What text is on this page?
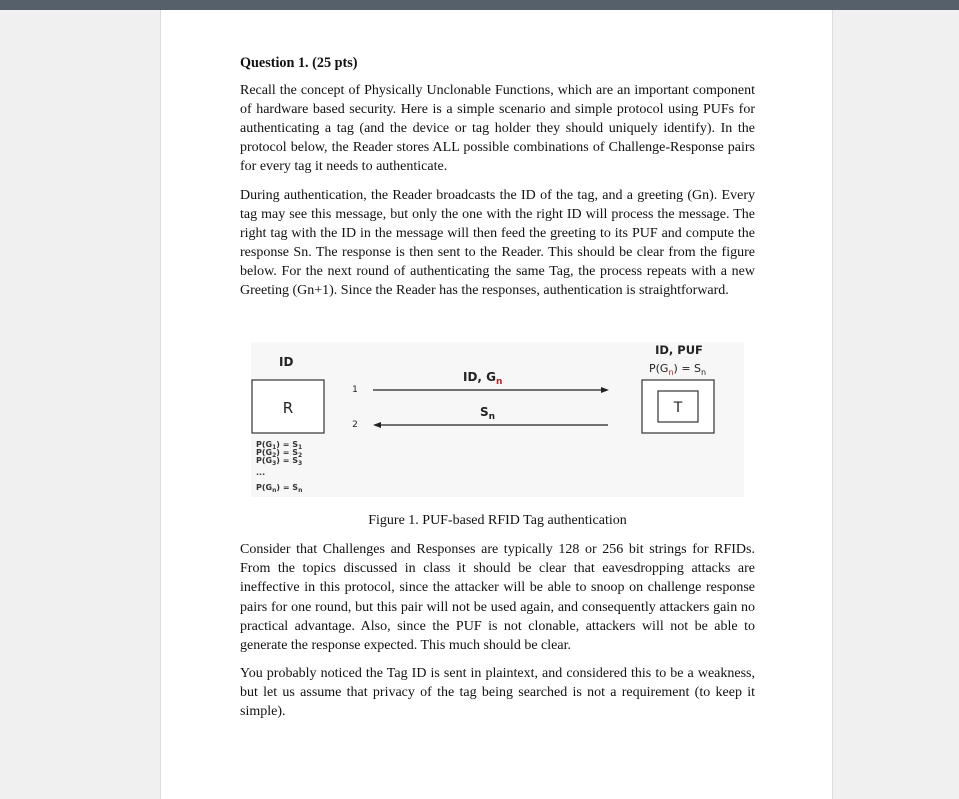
Question 1. (25 pts)

Recall the concept of Physically Unclonable Functions, which are an important component of hardware based security. Here is a simple scenario and simple protocol using PUFs for authenticating a tag (and the device or tag holder they should uniquely identify). In the protocol below, the Reader stores ALL possible combinations of Challenge-Response pairs for every tag it needs to authenticate.

During authentication, the Reader broadcasts the ID of the tag, and a greeting (Gn). Every tag may see this message, but only the one with the right ID will process the message. The right tag with the ID in the message will then feed the greeting to its PUF and compute the response Sn. The response is then sent to the Reader. This should be clear from the figure below. For the next round of authenticating the same Tag, the process repeats with a new Greeting (Gn+1). Since the Reader has the responses, authentication is straightforward.

ID
R
1
2
ID, $G_n$
$S_n$
ID, PUF
$P(G_n) = S_n$
T
$P(G_1) = S_1$
$P(G_2) = S_2$
$P(G_3) = S_3$
...
$P(G_n) = S_n$

Figure 1. PUF-based RFID Tag authentication

Consider that Challenges and Responses are typically 128 or 256 bit strings for RFIDs. From the topics discussed in class it should be clear that eavesdropping attacks are ineffective in this protocol, since the attacker will be able to snoop on challenge response pairs for one round, but this pair will not be used again, and consequently attackers gain no practical advantage. Also, since the PUF is not clonable, attackers will not be able to generate the response expected. This much should be clear.

You probably noticed the Tag ID is sent in plaintext, and considered this to be a weakness, but let us assume that privacy of the tag being searched is not a requirement (to keep it simple).
